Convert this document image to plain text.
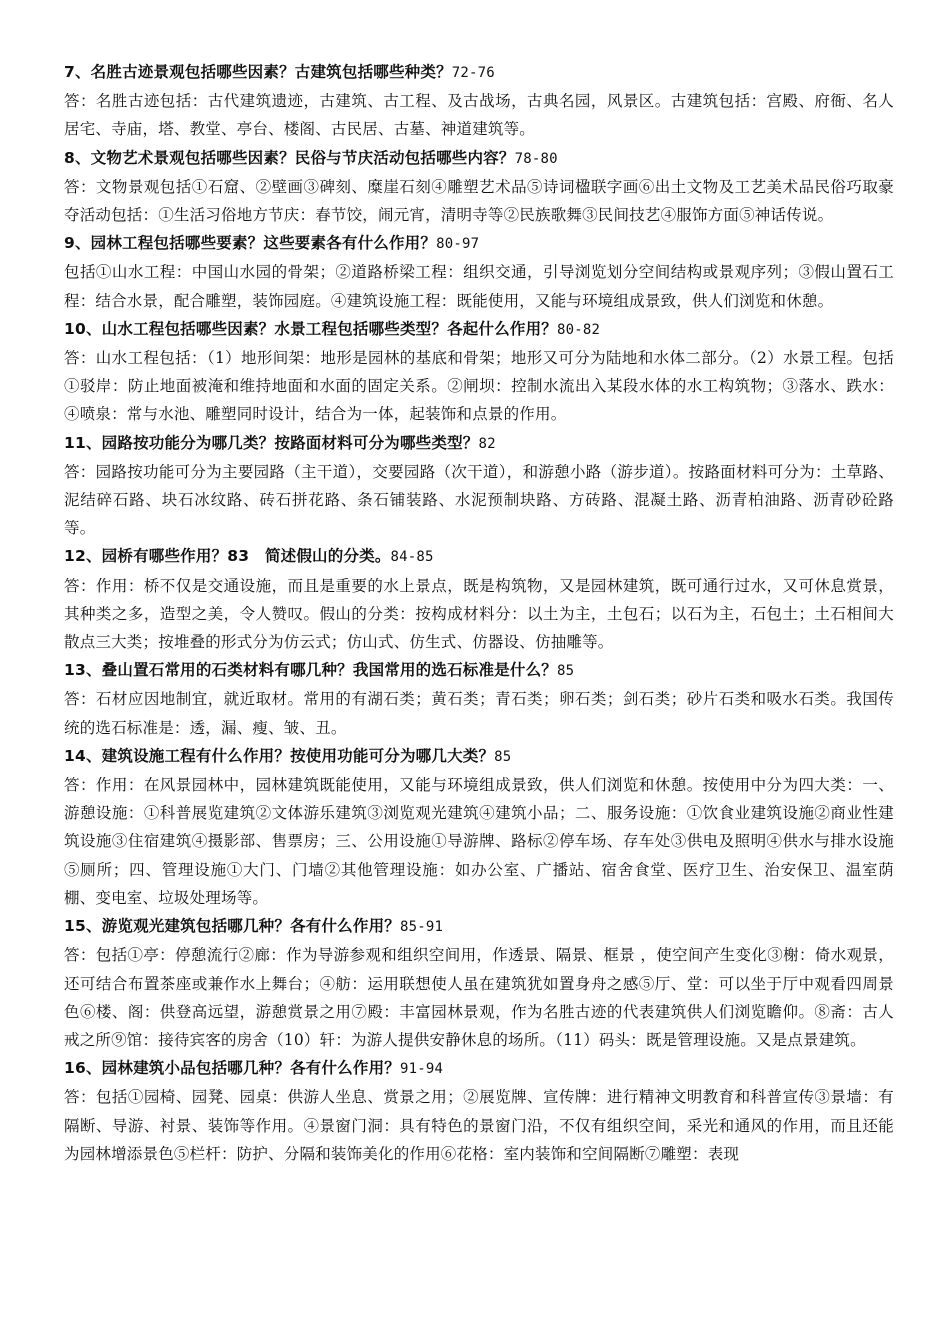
7、名胜古迹景观包括哪些因素？古建筑包括哪些种类？72-76
答：名胜古迹包括：古代建筑遗迹，古建筑、古工程、及古战场，古典名园，风景区。古建筑包括：宫殿、府衙、名人居宅、寺庙，塔、教堂、亭台、楼阁、古民居、古墓、神道建筑等。
8、文物艺术景观包括哪些因素？民俗与节庆活动包括哪些内容？78-80
答：文物景观包括①石窟、②壁画③碑刻、糜崖石刻④雕塑艺术品⑤诗词楹联字画⑥出土文物及工艺美术品民俗巧取豪夺活动包括：①生活习俗地方节庆：春节饺，闹元宵，清明寺等②民族歌舞③民间技艺④服饰方面⑤神话传说。
9、园林工程包括哪些要素？这些要素各有什么作用？80-97
包括①山水工程：中国山水园的骨架；②道路桥梁工程：组织交通，引导浏览划分空间结构或景观序列；③假山置石工程：结合水景，配合雕塑，装饰园庭。④建筑设施工程：既能使用，又能与环境组成景致，供人们浏览和休憩。
10、山水工程包括哪些因素？水景工程包括哪些类型？各起什么作用？80-82
答：山水工程包括：（1）地形间架：地形是园林的基底和骨架；地形又可分为陆地和水体二部分。（2）水景工程。包括①驳岸：防止地面被淹和维持地面和水面的固定关系。②闸坝：控制水流出入某段水体的水工构筑物；③落水、跌水：④喷泉：常与水池、雕塑同时设计，结合为一体，起装饰和点景的作用。
11、园路按功能分为哪几类？按路面材料可分为哪些类型？82
答：园路按功能可分为主要园路（主干道），交要园路（次干道），和游憩小路（游步道）。按路面材料可分为：土草路、泥结碎石路、块石冰纹路、砖石拼花路、条石铺装路、水泥预制块路、方砖路、混凝土路、沥青柏油路、沥青砂砼路等。
12、园桥有哪些作用？83　简述假山的分类。84-85
答：作用：桥不仅是交通设施，而且是重要的水上景点，既是构筑物，又是园林建筑，既可通行过水，又可休息赏景，其种类之多，造型之美，令人赞叹。假山的分类：按构成材料分：以土为主，土包石；以石为主，石包土；土石相间大散点三大类；按堆叠的形式分为仿云式；仿山式、仿生式、仿器设、仿抽雕等。
13、叠山置石常用的石类材料有哪几种？我国常用的选石标准是什么？85
答：石材应因地制宜，就近取材。常用的有湖石类；黄石类；青石类；卵石类；剑石类；砂片石类和吸水石类。我国传统的选石标准是：透，漏、瘦、皱、丑。
14、建筑设施工程有什么作用？按使用功能可分为哪几大类？85
答：作用：在风景园林中，园林建筑既能使用，又能与环境组成景致，供人们浏览和休憩。按使用中分为四大类：一、游憩设施：①科普展览建筑②文体游乐建筑③浏览观光建筑④建筑小品；二、服务设施：①饮食业建筑设施②商业性建筑设施③住宿建筑④摄影部、售票房；三、公用设施①导游牌、路标②停车场、存车处③供电及照明④供水与排水设施⑤厕所；四、管理设施①大门、门墙②其他管理设施：如办公室、广播站、宿舍食堂、医疗卫生、治安保卫、温室荫棚、变电室、垃圾处理场等。
15、游览观光建筑包括哪几种？各有什么作用？85-91
答：包括①亭：停憩流行②廊：作为导游参观和组织空间用，作透景、隔景、框景 ，使空间产生变化③榭：倚水观景，还可结合布置茶座或兼作水上舞台；④舫：运用联想使人虽在建筑犹如置身舟之感⑤厅、堂：可以坐于厅中观看四周景色⑥楼、阁：供登高远望，游憩赏景之用⑦殿：丰富园林景观，作为名胜古迹的代表建筑供人们浏览瞻仰。⑧斋：古人戒之所⑨馆：接待宾客的房舍（10）轩：为游人提供安静休息的场所。（11）码头：既是管理设施。又是点景建筑。
16、园林建筑小品包括哪几种？各有什么作用？91-94
答：包括①园椅、园凳、园桌：供游人坐息、赏景之用；②展览牌、宣传牌：进行精神文明教育和科普宣传③景墙：有隔断、导游、衬景、装饰等作用。④景窗门洞：具有特色的景窗门沿，不仅有组织空间，采光和通风的作用，而且还能为园林增添景色⑤栏杆：防护、分隔和装饰美化的作用⑥花格：室内装饰和空间隔断⑦雕塑：表现
